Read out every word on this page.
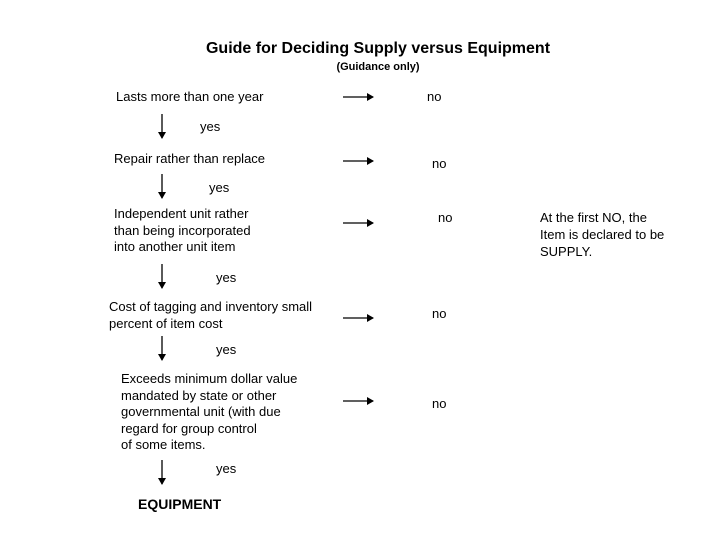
Guide for Deciding Supply versus Equipment
(Guidance only)
Lasts more than one year	no
yes
Repair rather than replace	no
yes
Independent unit rather
than being incorporated
into another unit item
no	At the first NO, the
Item is declared to be
SUPPLY.
yes
Cost of tagging and inventory small
percent of item cost
no
yes
Exceeds minimum dollar value
mandated by state or other
governmental unit (with due
regard for group control
of some items.
no
yes
EQUIPMENT
